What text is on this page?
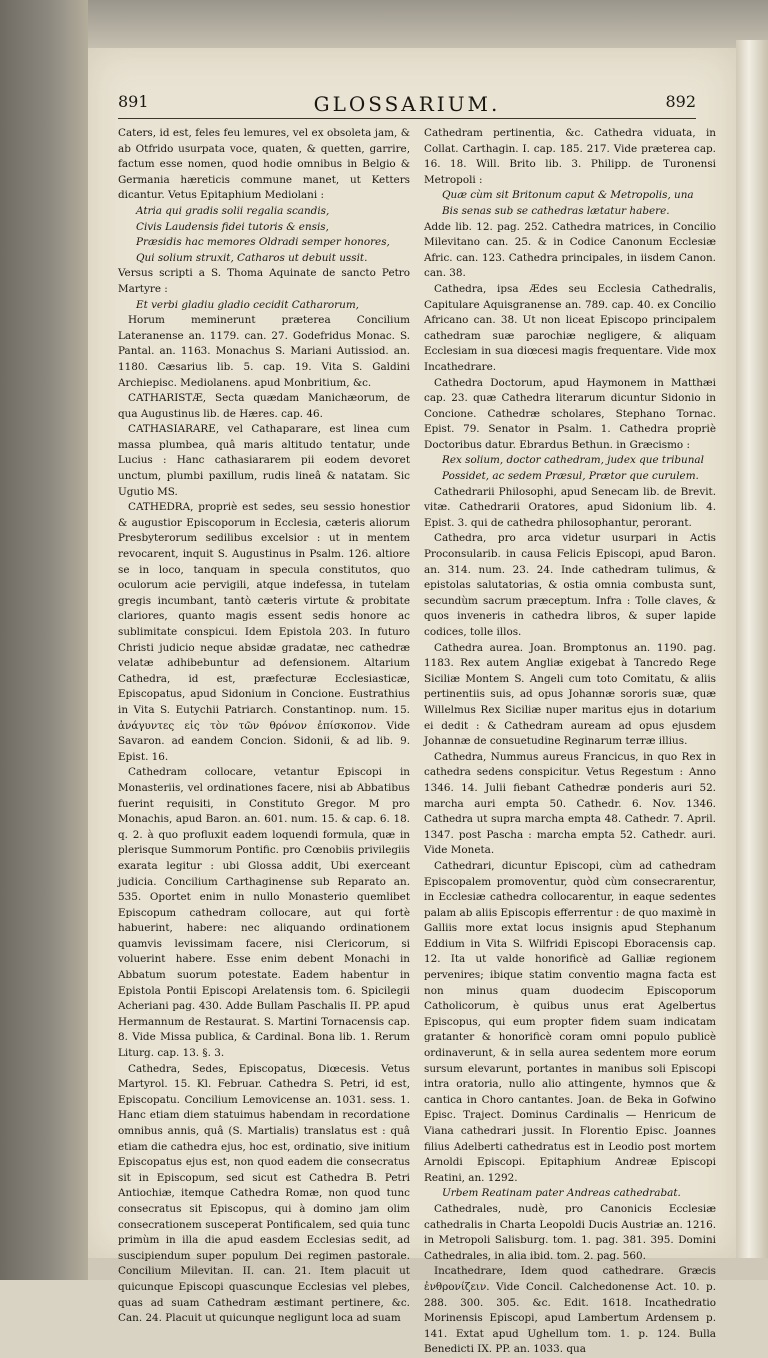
891	GLOSSARIUM.	892

Caters, id est, feles feu lemures, vel ex obsoleta jam, & ab Otfrido usurpata voce, quaten, & quetten, garrire, factum esse nomen, quod hodie omnibus in Belgio & Germania hæreticis commune manet, ut Ketters dicantur. Vetus Epitaphium Mediolani :

Atria qui gradis solii regalia scandis,

Civis Laudensis fidei tutoris & ensis,

Præsidis hac memores Oldradi semper honores,

Qui solium struxit, Catharos ut debuit ussit.

Versus scripti a S. Thoma Aquinate de sancto Petro Martyre :

Et verbi gladiu gladio cecidit Catharorum,

Horum meminerunt præterea Concilium Lateranense an. 1179. can. 27. Godefridus Monac. S. Pantal. an. 1163. Monachus S. Mariani Autissiod. an. 1180. Cæsarius lib. 5. cap. 19. Vita S. Galdini Archiepisc. Mediolanens. apud Monbritium, &c.

CATHARISTÆ, Secta quædam Manichæorum, de qua Augustinus lib. de Hæres. cap. 46.

CATHASIARARE, vel Cathaparare, est linea cum massa plumbea, quâ maris altitudo tentatur, unde Lucius : Hanc cathasiararem pii eodem devoret unctum, plumbi paxillum, rudis lineâ & natatam. Sic Ugutio MS.

CATHEDRA, propriè est sedes, seu sessio honestior & augustior Episcoporum in Ecclesia, cæteris aliorum Presbyterorum sedilibus excelsior : ut in mentem revocarent, inquit S. Augustinus in Psalm. 126. altiore se in loco, tanquam in specula constitutos, quo oculorum acie pervigili, atque indefessa, in tutelam gregis incumbant, tantò cæteris virtute & probitate clariores, quanto magis essent sedis honore ac sublimitate conspicui. Idem Epistola 203. In futuro Christi judicio neque absidæ gradatæ, nec cathedræ velatæ adhibebuntur ad defensionem. Altarium Cathedra, id est, præfecturæ Ecclesiasticæ, Episcopatus, apud Sidonium in Concione. Eustrathius in Vita S. Eutychii Patriarch. Constantinop. num. 15. ἀνάγυντες εἰς τὸν τῶν θρόνον ἐπίσκοπον. Vide Savaron. ad eandem Concion. Sidonii, & ad lib. 9. Epist. 16.

Cathedram collocare, vetantur Episcopi in Monasteriis, vel ordinationes facere, nisi ab Abbatibus fuerint requisiti, in Constituto Gregor. M pro Monachis, apud Baron. an. 601. num. 15. & cap. 6. 18. q. 2. à quo profluxit eadem loquendi formula, quæ in plerisque Summorum Pontific. pro Cœnobiis privilegiis exarata legitur : ubi Glossa addit, Ubi exerceant judicia. Concilium Carthaginense sub Reparato an. 535. Oportet enim in nullo Monasterio quemlibet Episcopum cathedram collocare, aut qui fortè habuerint, habere: nec aliquando ordinationem quamvis levissimam facere, nisi Clericorum, si voluerint habere. Esse enim debent Monachi in Abbatum suorum potestate. Eadem habentur in Epistola Pontii Episcopi Arelatensis tom. 6. Spicilegii Acheriani pag. 430. Adde Bullam Paschalis II. PP. apud Hermannum de Restaurat. S. Martini Tornacensis cap. 8. Vide Missa publica, & Cardinal. Bona lib. 1. Rerum Liturg. cap. 13. §. 3.

Cathedra, Sedes, Episcopatus, Diœcesis. Vetus Martyrol. 15. Kl. Februar. Cathedra S. Petri, id est, Episcopatu. Concilium Lemovicense an. 1031. sess. 1. Hanc etiam diem statuimus habendam in recordatione omnibus annis, quâ (S. Martialis) translatus est : quâ etiam die cathedra ejus, hoc est, ordinatio, sive initium Episcopatus ejus est, non quod eadem die consecratus sit in Episcopum, sed sicut est Cathedra B. Petri Antiochiæ, itemque Cathedra Romæ, non quod tunc consecratus sit Episcopus, qui à domino jam olim consecrationem susceperat Pontificalem, sed quia tunc primùm in illa die apud easdem Ecclesias sedit, ad suscipiendum super populum Dei regimen pastorale. Concilium Milevitan. II. can. 21. Item placuit ut quicunque Episcopi quascunque Ecclesias vel plebes, quas ad suam Cathedram æstimant pertinere, &c. Can. 24. Placuit ut quicunque negligunt loca ad suam

Cathedram pertinentia, &c. Cathedra viduata, in Collat. Carthagin. I. cap. 185. 217. Vide præterea cap. 16. 18. Will. Brito lib. 3. Philipp. de Turonensi Metropoli :

Quæ cùm sit Britonum caput & Metropolis, una

Bis senas sub se cathedras lætatur habere.

Adde lib. 12. pag. 252. Cathedra matrices, in Concilio Milevitano can. 25. & in Codice Canonum Ecclesiæ Afric. can. 123. Cathedra principales, in iisdem Canon. can. 38.

Cathedra, ipsa Ædes seu Ecclesia Cathedralis, Capitulare Aquisgranense an. 789. cap. 40. ex Concilio Africano can. 38. Ut non liceat Episcopo principalem cathedram suæ parochiæ negligere, & aliquam Ecclesiam in sua diœcesi magis frequentare. Vide mox Incathedrare.

Cathedra Doctorum, apud Haymonem in Matthæi cap. 23. quæ Cathedra literarum dicuntur Sidonio in Concione. Cathedræ scholares, Stephano Tornac. Epist. 79. Senator in Psalm. 1. Cathedra propriè Doctoribus datur. Ebrardus Bethun. in Græcismo :

Rex solium, doctor cathedram, judex que tribunal

Possidet, ac sedem Præsul, Prætor que curulem.

Cathedrarii Philosophi, apud Senecam lib. de Brevit. vitæ. Cathedrarii Oratores, apud Sidonium lib. 4. Epist. 3. qui de cathedra philosophantur, perorant.

Cathedra, pro arca videtur usurpari in Actis Proconsularib. in causa Felicis Episcopi, apud Baron. an. 314. num. 23. 24. Inde cathedram tulimus, & epistolas salutatorias, & ostia omnia combusta sunt, secundùm sacrum præceptum. Infra : Tolle claves, & quos inveneris in cathedra libros, & super lapide codices, tolle illos.

Cathedra aurea. Joan. Bromptonus an. 1190. pag. 1183. Rex autem Angliæ exigebat à Tancredo Rege Siciliæ Montem S. Angeli cum toto Comitatu, & aliis pertinentiis suis, ad opus Johannæ sororis suæ, quæ Willelmus Rex Siciliæ nuper maritus ejus in dotarium ei dedit : & Cathedram auream ad opus ejusdem Johannæ de consuetudine Reginarum terræ illius.

Cathedra, Nummus aureus Francicus, in quo Rex in cathedra sedens conspicitur. Vetus Regestum : Anno 1346. 14. Julii fiebant Cathedræ ponderis auri 52. marcha auri empta 50. Cathedr. 6. Nov. 1346. Cathedra ut supra marcha empta 48. Cathedr. 7. April. 1347. post Pascha : marcha empta 52. Cathedr. auri. Vide Moneta.

Cathedrari, dicuntur Episcopi, cùm ad cathedram Episcopalem promoventur, quòd cùm consecrarentur, in Ecclesiæ cathedra collocarentur, in eaque sedentes palam ab aliis Episcopis efferrentur : de quo maximè in Galliis more extat locus insignis apud Stephanum Eddium in Vita S. Wilfridi Episcopi Eboracensis cap. 12. Ita ut valde honorificè ad Galliæ regionem pervenires; ibique statim conventio magna facta est non minus quam duodecim Episcoporum Catholicorum, è quibus unus erat Agelbertus Episcopus, qui eum propter fidem suam indicatam gratanter & honorificè coram omni populo publicè ordinaverunt, & in sella aurea sedentem more eorum sursum elevarunt, portantes in manibus soli Episcopi intra oratoria, nullo alio attingente, hymnos que & cantica in Choro cantantes. Joan. de Beka in Gofwino Episc. Traject. Dominus Cardinalis — Henricum de Viana cathedrari jussit. In Florentio Episc. Joannes filius Adelberti cathedratus est in Leodio post mortem Arnoldi Episcopi. Epitaphium Andreæ Episcopi Reatini, an. 1292.

Urbem Reatinam pater Andreas cathedrabat.

Cathedrales, nudè, pro Canonicis Ecclesiæ cathedralis in Charta Leopoldi Ducis Austriæ an. 1216. in Metropoli Salisburg. tom. 1. pag. 381. 395. Domini Cathedrales, in alia ibid. tom. 2. pag. 560.

Incathedrare, Idem quod cathedrare. Græcis ἐνθρονίζειν. Vide Concil. Calchedonense Act. 10. p. 288. 300. 305. &c. Edit. 1618. Incathedratio Morinensis Episcopi, apud Lambertum Ardensem p. 141. Extat apud Ughellum tom. 1. p. 124. Bulla Benedicti IX. PP. an. 1033. qua
